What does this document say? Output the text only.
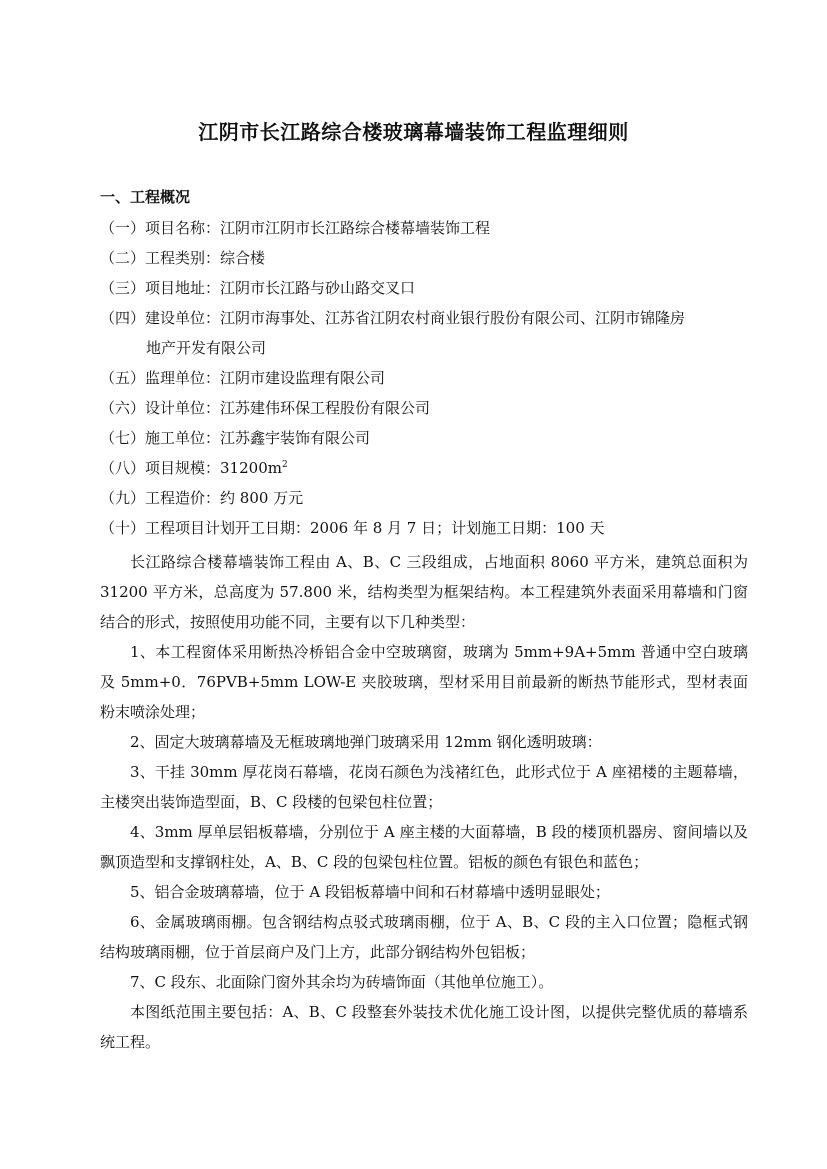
江阴市长江路综合楼玻璃幕墙装饰工程监理细则
一、工程概况
（一） 项目名称：江阴市江阴市长江路综合楼幕墙装饰工程
（二） 工程类别：综合楼
（三） 项目地址：江阴市长江路与砂山路交叉口
（四） 建设单位：江阴市海事处、江苏省江阴农村商业银行股份有限公司、江阴市锦隆房
地产开发有限公司
（五） 监理单位：江阴市建设监理有限公司
（六） 设计单位：江苏建伟环保工程股份有限公司
（七） 施工单位：江苏鑫宇装饰有限公司
（八） 项目规模：$31200m^2$
（九） 工程造价：约 800 万元
（十） 工程项目计划开工日期：2006 年 8 月 7 日；计划施工日期：100 天

长江路综合楼幕墙装饰工程由 A、B、C 三段组成，占地面积 8060 平方米，建筑总面积为 31200 平方米，总高度为 57.800 米，结构类型为框架结构。本工程建筑外表面采用幕墙和门窗结合的形式，按照使用功能不同，主要有以下几种类型：

1、本工程窗体采用断热冷桥铝合金中空玻璃窗，玻璃为 5mm+9A+5mm 普通中空白玻璃及 5mm+0．76PVB+5mm LOW-E 夹胶玻璃，型材采用目前最新的断热节能形式，型材表面粉末喷涂处理；

2、固定大玻璃幕墙及无框玻璃地弹门玻璃采用 12mm 钢化透明玻璃：

3、干挂 30mm 厚花岗石幕墙，花岗石颜色为浅褚红色，此形式位于 A 座裙楼的主题幕墙，主楼突出装饰造型面，B、C 段楼的包梁包柱位置；

4、3mm 厚单层铝板幕墙，分别位于 A 座主楼的大面幕墙，B 段的楼顶机器房、窗间墙以及飘顶造型和支撑钢柱处，A、B、C 段的包梁包柱位置。铝板的颜色有银色和蓝色；

5、铝合金玻璃幕墙，位于 A 段铝板幕墙中间和石材幕墙中透明显眼处；

6、金属玻璃雨棚。包含钢结构点驳式玻璃雨棚，位于 A、B、C 段的主入口位置；隐框式钢结构玻璃雨棚，位于首层商户及门上方，此部分钢结构外包铝板；

7、C 段东、北面除门窗外其余均为砖墙饰面（其他单位施工）。

本图纸范围主要包括：A、B、C 段整套外装技术优化施工设计图，以提供完整优质的幕墙系统工程。
